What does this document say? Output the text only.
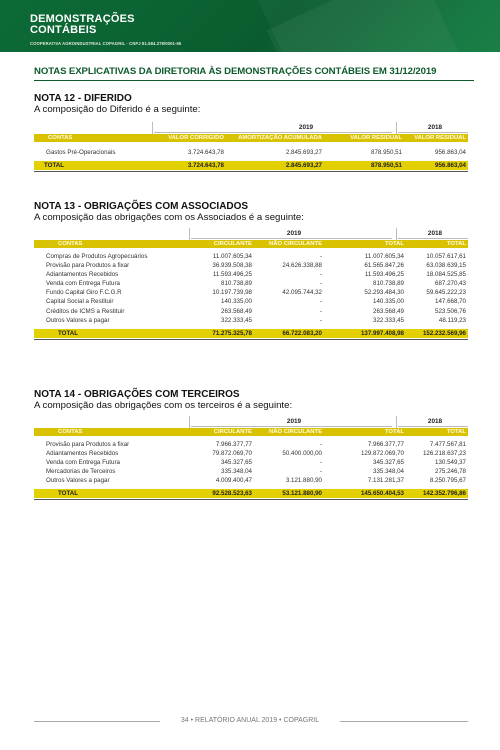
DEMONSTRAÇÕES
CONTÁBEIS
COOPERATIVA AGROINDUSTRIAL COPAGRIL · CNPJ 81.584.278/0001-55
NOTAS EXPLICATIVAS DA DIRETORIA ÀS DEMONSTRAÇÕES CONTÁBEIS EM 31/12/2019
NOTA 12 - DIFERIDO
A composição do Diferido é a seguinte:
2019	2018
CONTAS	VALOR CORRIGIDO	AMORTIZAÇÃO ACUMULADA	VALOR RESIDUAL	VALOR RESIDUAL
Gastos Pré-Operacionais	3.724.643,78	2.845.693,27	878.950,51	956.863,04
TOTAL	3.724.643,78	2.845.693,27	878.950,51	956.863,04
NOTA 13 - OBRIGAÇÕES COM ASSOCIADOS
A composição das obrigações com os Associados é a seguinte:
2019	2018
CONTAS	CIRCULANTE	NÃO CIRCULANTE	TOTAL	TOTAL
Compras de Produtos Agropecuários	11.007.605,34	-	11.007.605,34	10.057.617,61
Provisão para Produtos a fixar	36.939.508,38	24.626.338,88	61.565.847,26	63.038.639,15
Adiantamentos Recebidos	11.593.496,25	-	11.593.496,25	18.084.525,85
Venda com Entrega Futura	810.738,89	-	810.738,89	687.270,43
Fundo Capital Giro F.C.G.R	10.197.739,98	42.095.744,32	52.293.484,30	59.645.222,23
Capital Social a Restituir	140.335,00	-	140.335,00	147.668,70
Créditos de ICMS a Restituir	263.568,49	-	263.568,49	523.506,76
Outros Valores a pagar	322.333,45	-	322.333,45	48.119,23
TOTAL	71.275.325,78	66.722.083,20	137.997.408,98	152.232.569,96
NOTA 14 - OBRIGAÇÕES COM TERCEIROS
A composição das obrigações com os terceiros é a seguinte:
2019	2018
CONTAS	CIRCULANTE	NÃO CIRCULANTE	TOTAL	TOTAL
Provisão para Produtos a fixar	7.966.377,77	-	7.966.377,77	7.477.567,81
Adiantamentos Recebidos	79.872.069,70	50.400.000,00	129.872.069,70	126.218.637,23
Venda com Entrega Futura	345.327,65	-	345.327,65	130.549,37
Mercadorias de Terceiros	335.348,04	-	335.348,04	275.246,78
Outros Valores a pagar	4.009.400,47	3.121.880,90	7.131.281,37	8.250.795,67
TOTAL	92.528.523,63	53.121.880,90	145.650.404,53	142.352.796,86
34 • RELATÓRIO ANUAL 2019 • COPAGRIL
